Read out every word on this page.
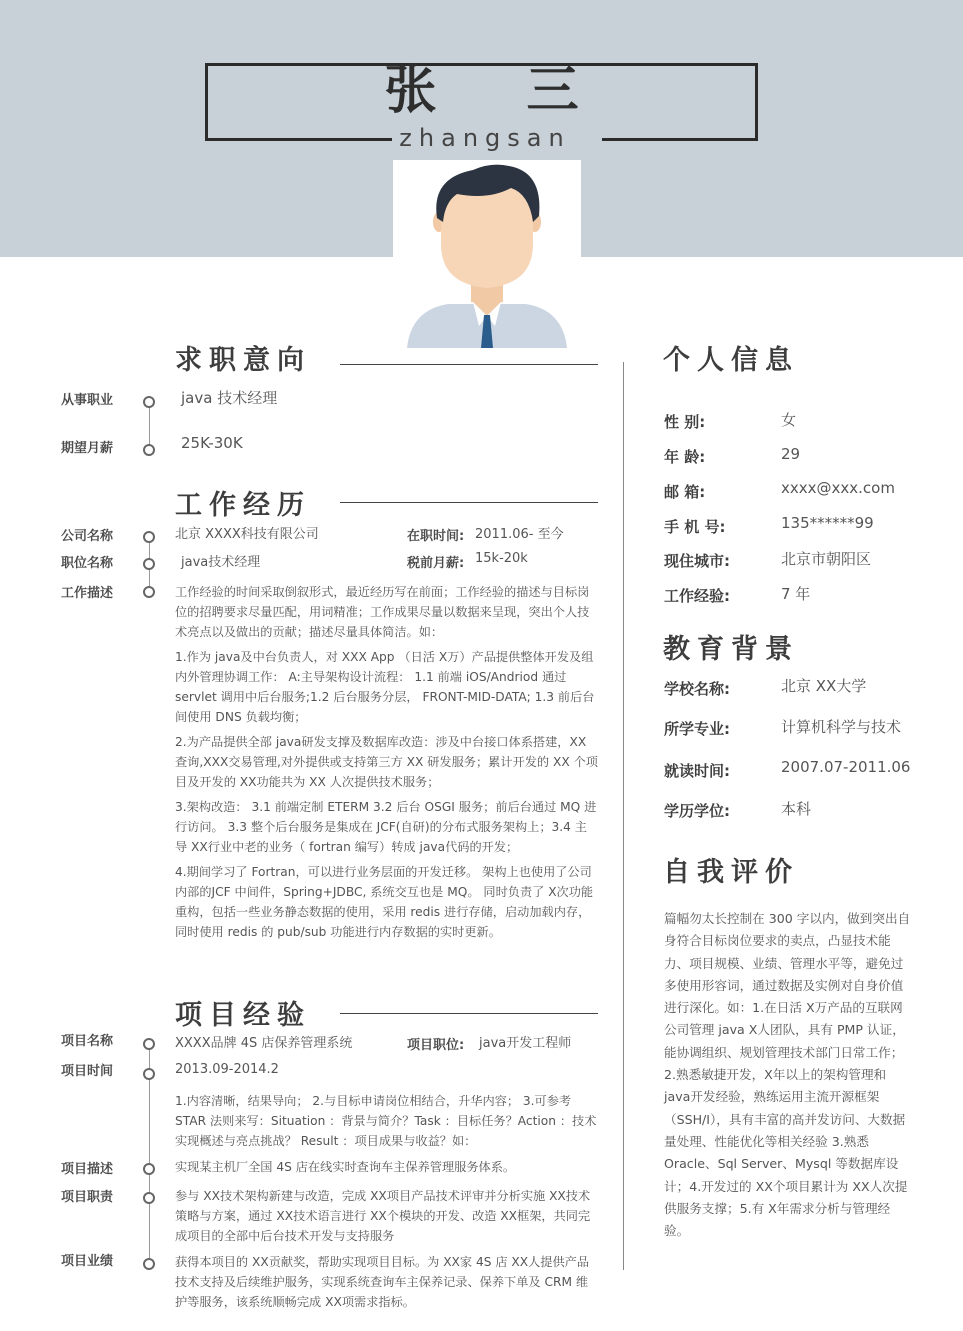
张 三
zhangsan
求职意向
从事职业	java 技术经理
期望月薪	25K-30K
工作经历
公司名称	北京 XXXX科技有限公司	在职时间: 2011.06- 至今
职位名称	java技术经理	税前月薪: 15k-20k
工作描述	工作经验的时间采取倒叙形式，最近经历写在前面；工作经验的描述与目标岗位的招聘要求尽量匹配，用词精准；工作成果尽量以数据来呈现，突出个人技术亮点以及做出的贡献；描述尽量具体简洁。如：
1.作为 java及中台负责人，对 XXX App （日活 X万）产品提供整体开发及组内外管理协调工作： A:主导架构设计流程： 1.1 前端 iOS/Andriod 通过 servlet 调用中后台服务;1.2 后台服务分层， FRONT-MID-DATA; 1.3 前后台间使用 DNS 负载均衡；
2.为产品提供全部 java研发支撑及数据库改造：涉及中台接口体系搭建，XX 查询,XXX交易管理,对外提供或支持第三方 XX 研发服务；累计开发的 XX 个项目及开发的 XX功能共为 XX 人次提供技术服务；
3.架构改造： 3.1 前端定制 ETERM 3.2 后台 OSGI 服务；前后台通过 MQ 进行访问。 3.3 整个后台服务是集成在 JCF(自研)的分布式服务架构上；3.4 主导 XX行业中老的业务（ fortran 编写）转成 java代码的开发；
4.期间学习了 Fortran，可以进行业务层面的开发迁移。 架构上也使用了公司内部的JCF 中间件，Spring+JDBC, 系统交互也是 MQ。 同时负责了 X次功能重构，包括一些业务静态数据的使用，采用 redis 进行存储，启动加载内存，同时使用 redis 的 pub/sub 功能进行内存数据的实时更新。
项目经验
项目名称	XXXX品牌 4S 店保养管理系统	项目职位: java开发工程师
项目时间	2013.09-2014.2
1.内容清晰，结果导向； 2.与目标申请岗位相结合，升华内容； 3.可参考 STAR 法则来写：Situation ：背景与简介？Task ：目标任务？Action ：技术实现概述与亮点挑战？ Result ：项目成果与收益？如：
项目描述	实现某主机厂全国 4S 店在线实时查询车主保养管理服务体系。
项目职责	参与 XX技术架构新建与改造，完成 XX项目产品技术评审并分析实施 XX技术策略与方案，通过 XX技术语言进行 XX个模块的开发、改造 XX框架，共同完成项目的全部中后台技术开发与支持服务
项目业绩	获得本项目的 XX贡献奖，帮助实现项目目标。为 XX家 4S 店 XX人提供产品技术支持及后续维护服务，实现系统查询车主保养记录、保养下单及 CRM 维护等服务，该系统顺畅完成 XX项需求指标。
个人信息
性 别:	女
年 龄:	29
邮 箱:	xxxx@xxx.com
手 机 号:	135******99
现住城市:	北京市朝阳区
工作经验:	7 年
教育背景
学校名称:	北京 XX大学
所学专业:	计算机科学与技术
就读时间:	2007.07-2011.06
学历学位:	本科
自我评价
篇幅勿太长控制在 300 字以内，做到突出自身符合目标岗位要求的卖点，凸显技术能力、项目规模、业绩、管理水平等，避免过多使用形容词，通过数据及实例对自身价值进行深化。如：1.在日活 X万产品的互联网公司管理 java X人团队，具有 PMP 认证，能协调组织、规划管理技术部门日常工作；2.熟悉敏捷开发，X年以上的架构管理和 java开发经验，熟练运用主流开源框架（SSH/I），具有丰富的高并发访问、大数据量处理、性能优化等相关经验 3.熟悉 Oracle、Sql Server、Mysql 等数据库设计；4.开发过的 XX个项目累计为 XX人次提供服务支撑；5.有 X年需求分析与管理经验。
